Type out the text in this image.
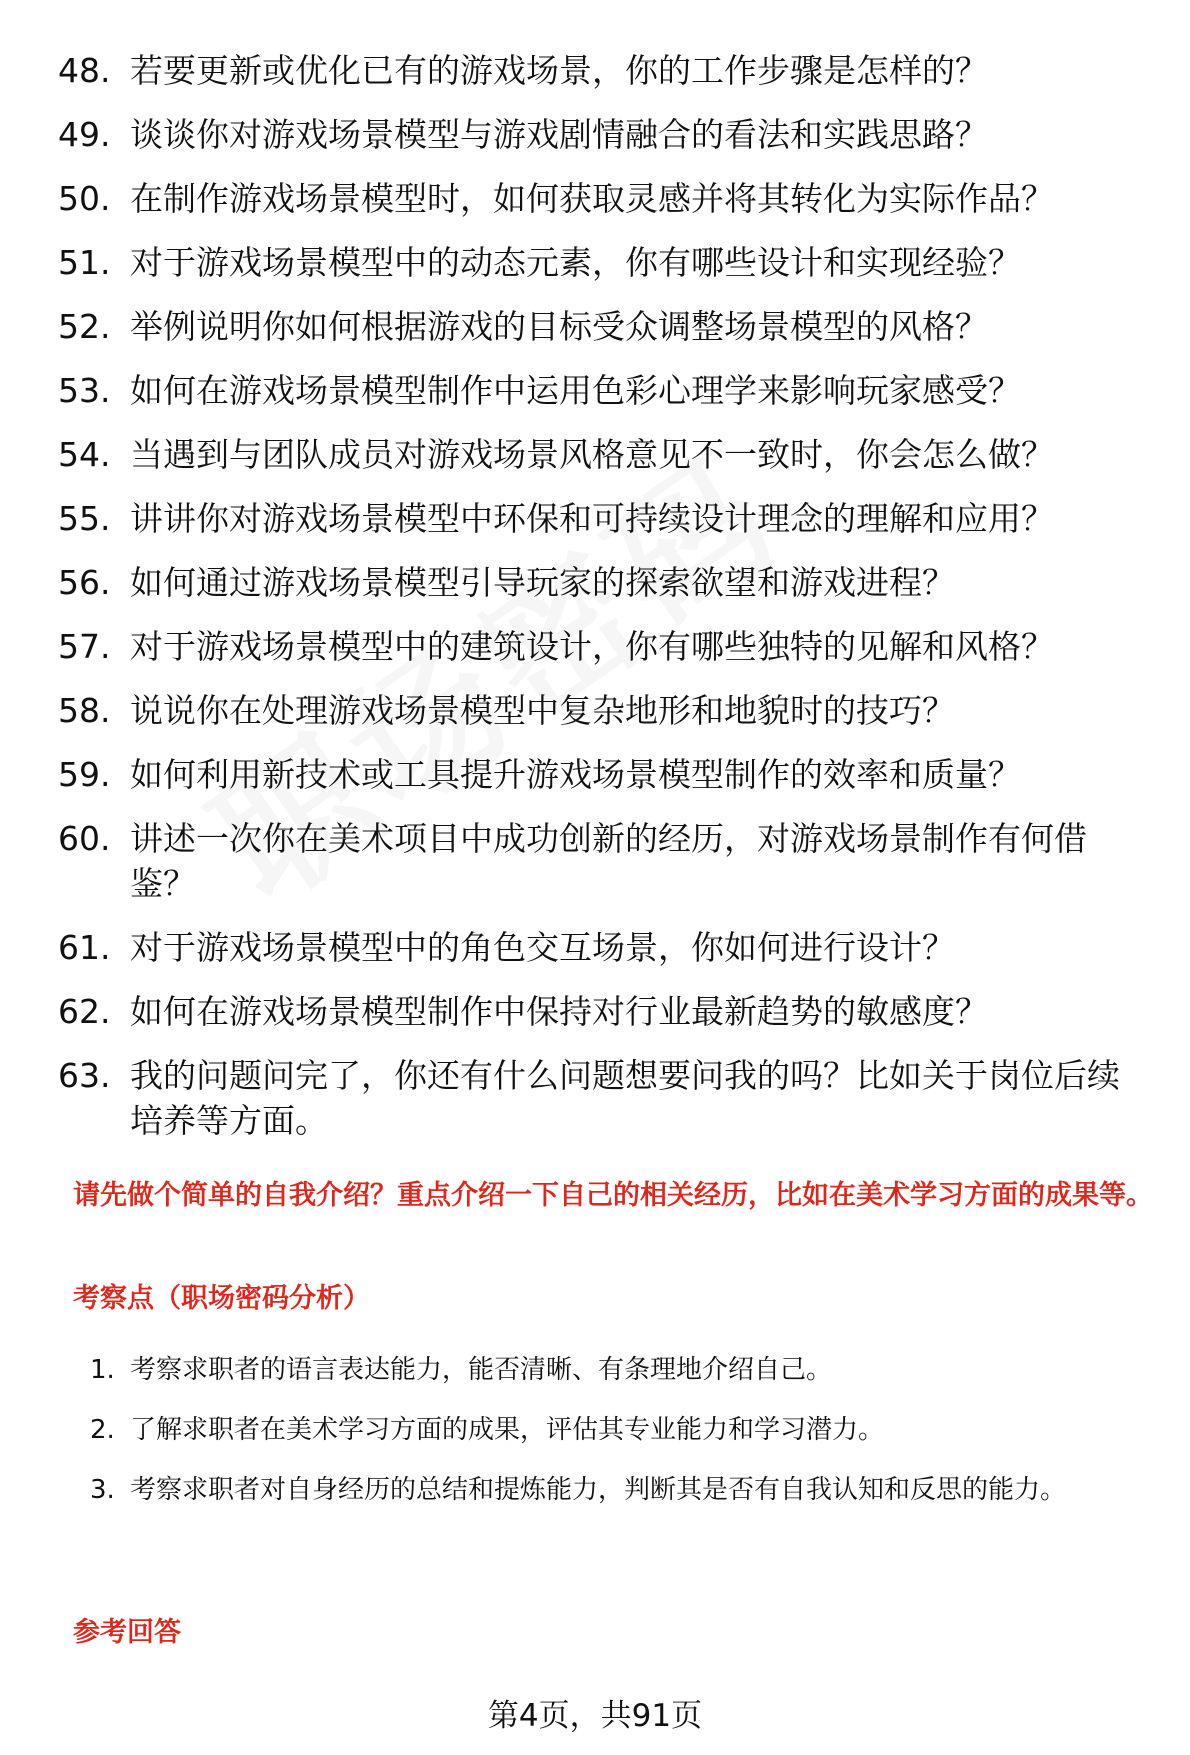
48. 若要更新或优化已有的游戏场景，你的工作步骤是怎样的？
49. 谈谈你对游戏场景模型与游戏剧情融合的看法和实践思路？
50. 在制作游戏场景模型时，如何获取灵感并将其转化为实际作品？
51. 对于游戏场景模型中的动态元素，你有哪些设计和实现经验？
52. 举例说明你如何根据游戏的目标受众调整场景模型的风格？
53. 如何在游戏场景模型制作中运用色彩心理学来影响玩家感受？
54. 当遇到与团队成员对游戏场景风格意见不一致时，你会怎么做？
55. 讲讲你对游戏场景模型中环保和可持续设计理念的理解和应用？
56. 如何通过游戏场景模型引导玩家的探索欲望和游戏进程？
57. 对于游戏场景模型中的建筑设计，你有哪些独特的见解和风格？
58. 说说你在处理游戏场景模型中复杂地形和地貌时的技巧？
59. 如何利用新技术或工具提升游戏场景模型制作的效率和质量？
60. 讲述一次你在美术项目中成功创新的经历，对游戏场景制作有何借鉴？
61. 对于游戏场景模型中的角色交互场景，你如何进行设计？
62. 如何在游戏场景模型制作中保持对行业最新趋势的敏感度？
63. 我的问题问完了，你还有什么问题想要问我的吗？比如关于岗位后续培养等方面。
请先做个简单的自我介绍？重点介绍一下自己的相关经历，比如在美术学习方面的成果等。
考察点（职场密码分析）
1. 考察求职者的语言表达能力，能否清晰、有条理地介绍自己。
2. 了解求职者在美术学习方面的成果，评估其专业能力和学习潜力。
3. 考察求职者对自身经历的总结和提炼能力，判断其是否有自我认知和反思的能力。
参考回答
第4页，共91页
